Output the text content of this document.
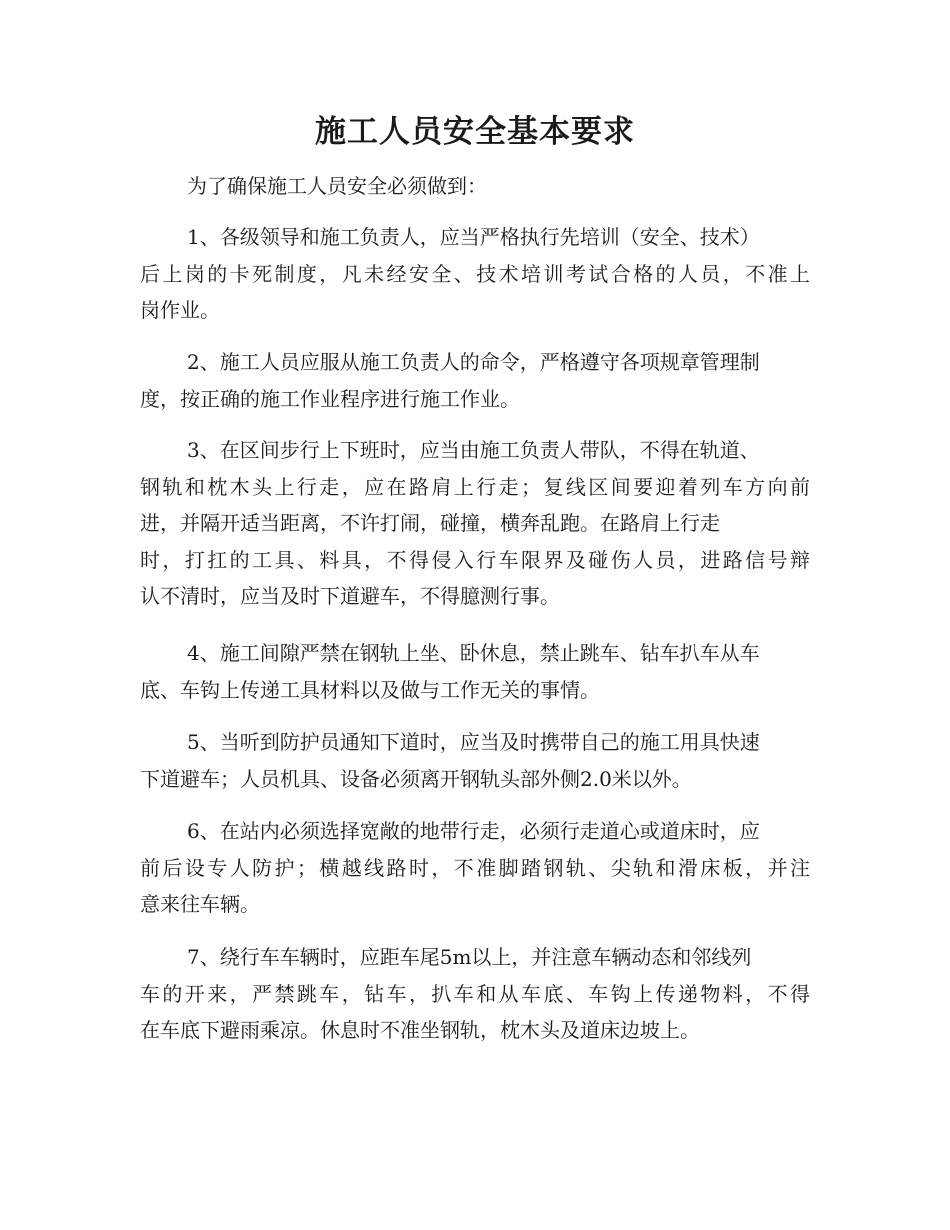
施工人员安全基本要求
为了确保施工人员安全必须做到：
1、各级领导和施工负责人，应当严格执行先培训（安全、技术）
后上岗的卡死制度，凡未经安全、技术培训考试合格的人员，不准上
岗作业。
2、施工人员应服从施工负责人的命令，严格遵守各项规章管理制
度，按正确的施工作业程序进行施工作业。
3、在区间步行上下班时，应当由施工负责人带队，不得在轨道、
钢轨和枕木头上行走，应在路肩上行走；复线区间要迎着列车方向前
进，并隔开适当距离，不许打闹，碰撞，横奔乱跑。在路肩上行走
时，打扛的工具、料具，不得侵入行车限界及碰伤人员，进路信号辩
认不清时，应当及时下道避车，不得臆测行事。
4、施工间隙严禁在钢轨上坐、卧休息，禁止跳车、钻车扒车从车
底、车钩上传递工具材料以及做与工作无关的事情。
5、当听到防护员通知下道时，应当及时携带自己的施工用具快速
下道避车；人员机具、设备必须离开钢轨头部外侧2.0米以外。
6、在站内必须选择宽敞的地带行走，必须行走道心或道床时，应
前后设专人防护；横越线路时，不准脚踏钢轨、尖轨和滑床板，并注
意来往车辆。
7、绕行车车辆时，应距车尾5m以上，并注意车辆动态和邻线列
车的开来，严禁跳车，钻车，扒车和从车底、车钩上传递物料，不得
在车底下避雨乘凉。休息时不准坐钢轨，枕木头及道床边坡上。
